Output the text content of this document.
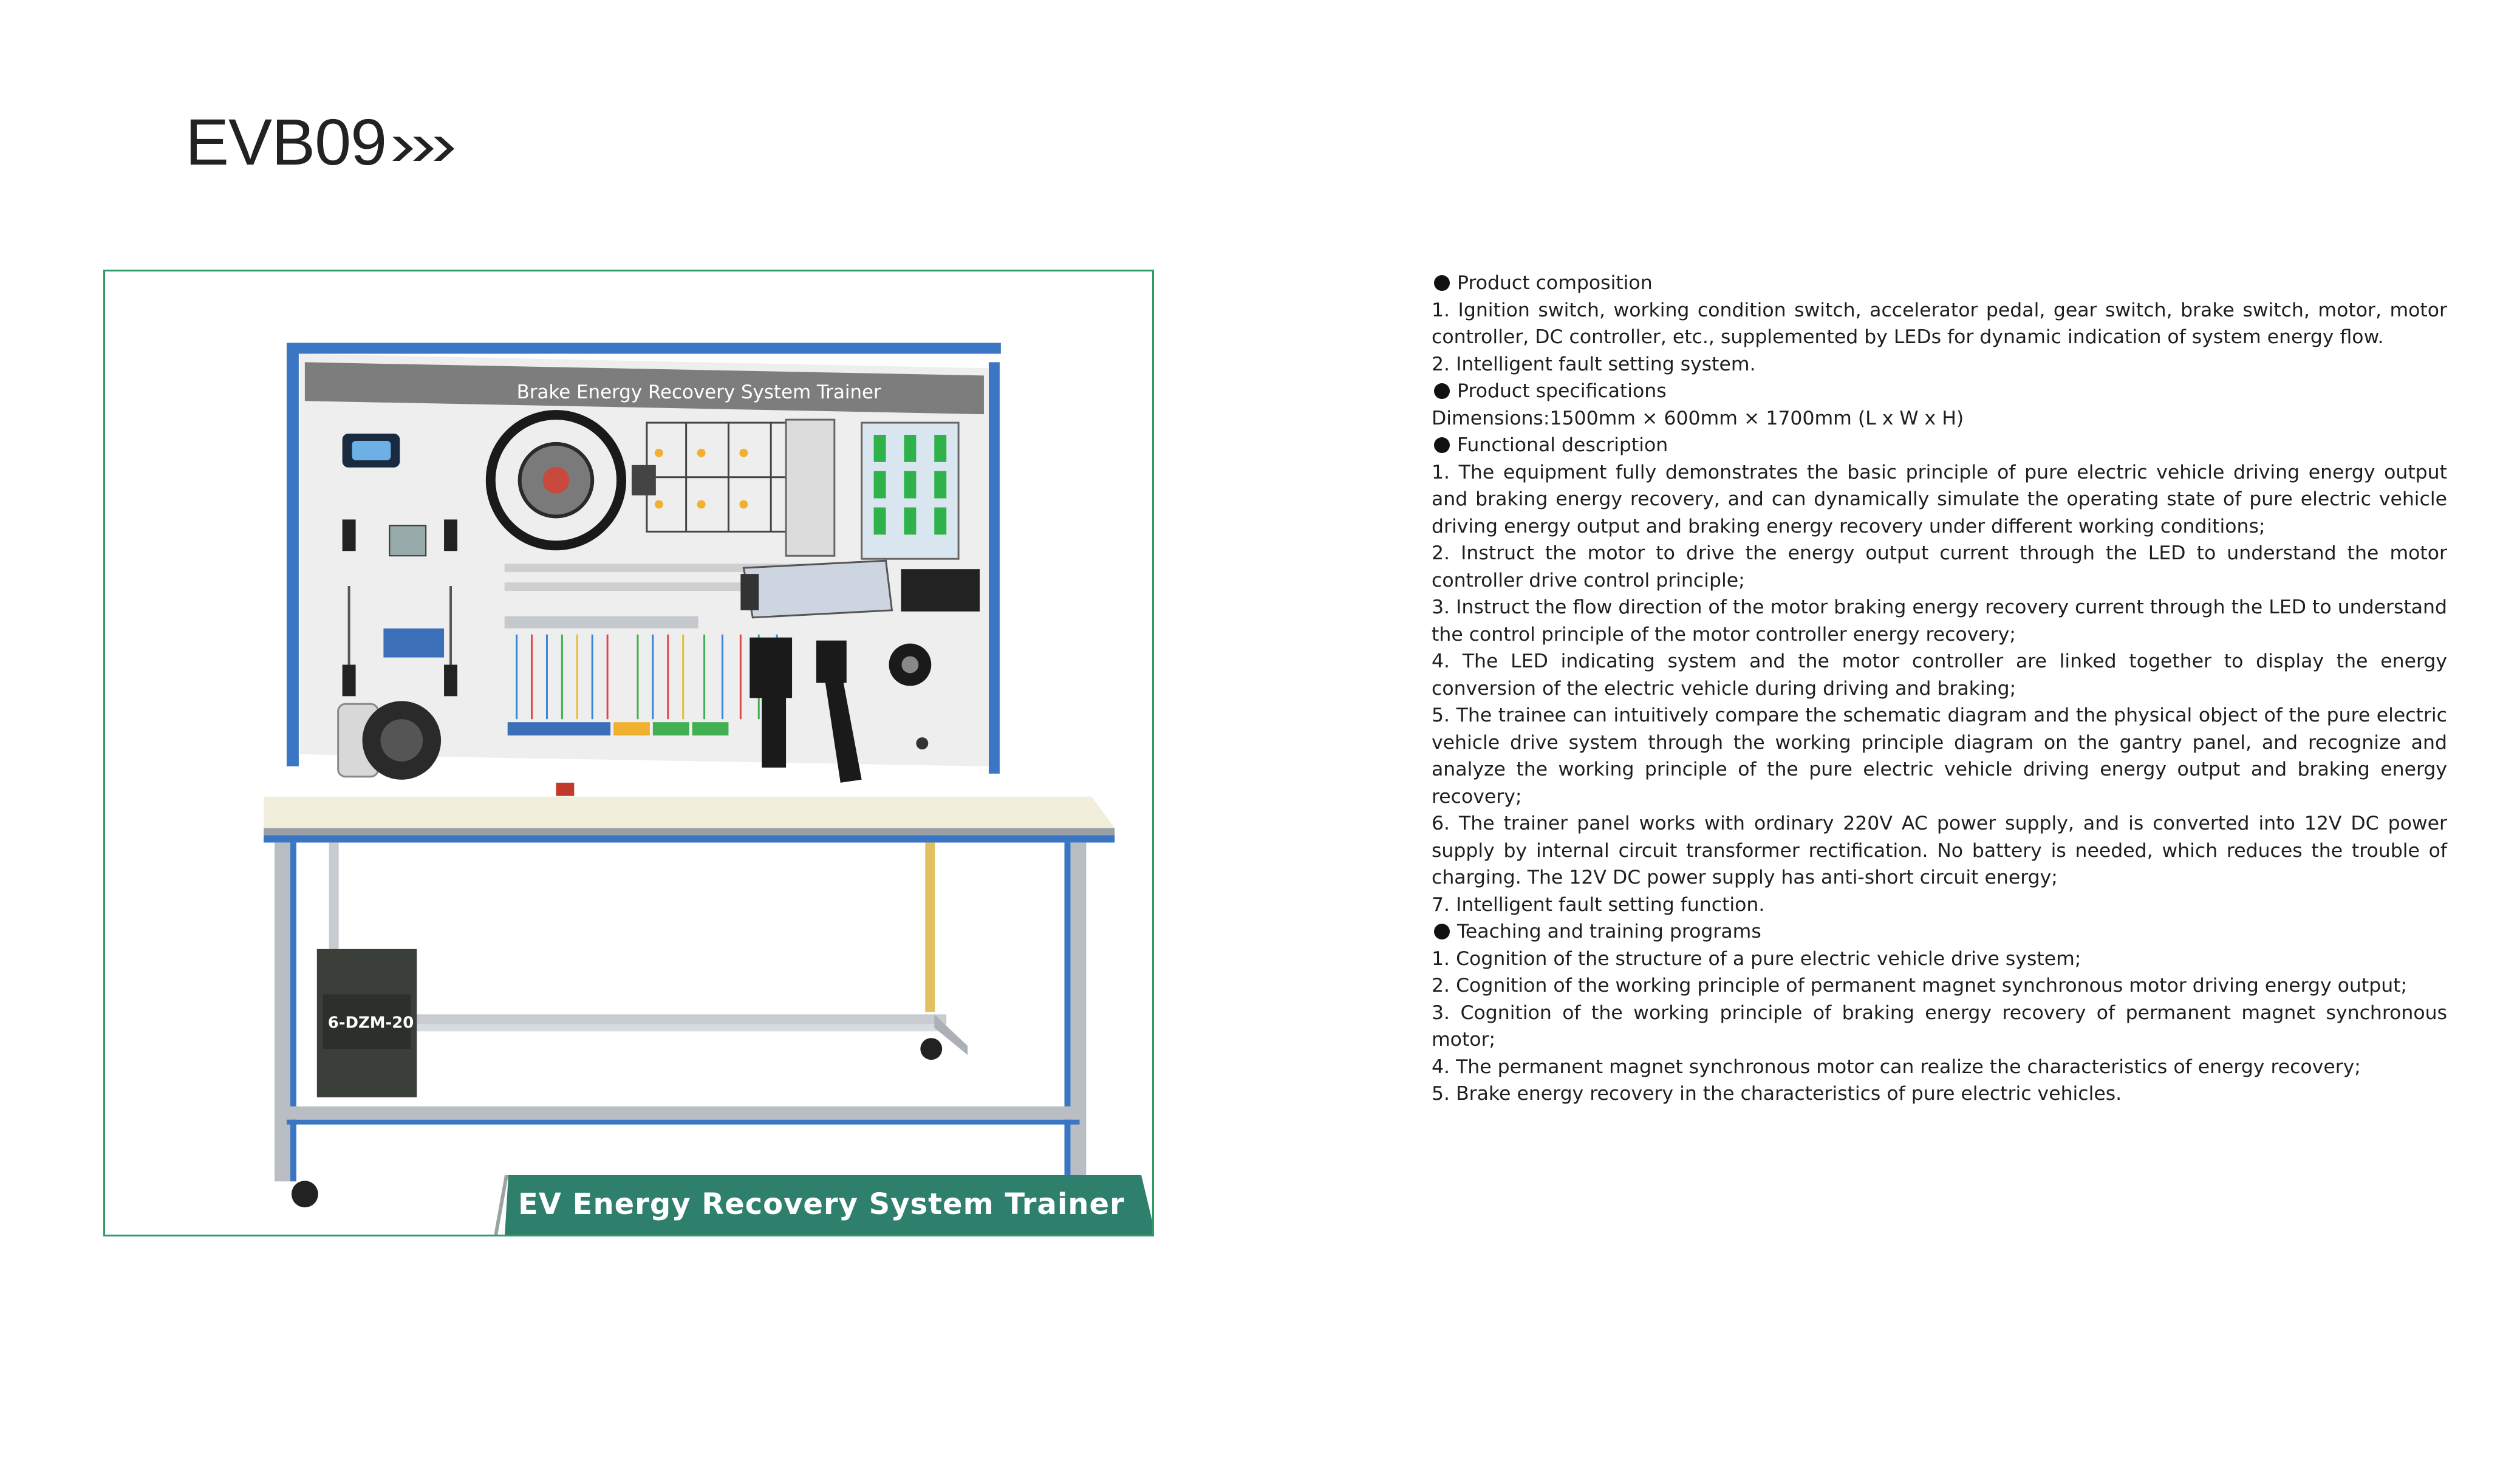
EVB09
Brake Energy Recovery System Trainer
6-DZM-20
EV Energy Recovery System Trainer
Product composition
1. Ignition switch, working condition switch, accelerator pedal, gear switch, brake switch, motor, motor controller, DC controller, etc., supplemented by LEDs for dynamic indication of system energy flow.
2. Intelligent fault setting system.
Product specifications
Dimensions:1500mm × 600mm × 1700mm (L x W x H)
Functional description
1. The equipment fully demonstrates the basic principle of pure electric vehicle driving energy output and braking energy recovery, and can dynamically simulate the operating state of pure electric vehicle driving energy output and braking energy recovery under different working conditions;
2. Instruct the motor to drive the energy output current through the LED to understand the motor controller drive control principle;
3. Instruct the flow direction of the motor braking energy recovery current through the LED to understand the control principle of the motor controller energy recovery;
4. The LED indicating system and the motor controller are linked together to display the energy conversion of the electric vehicle during driving and braking;
5. The trainee can intuitively compare the schematic diagram and the physical object of the pure electric vehicle drive system through the working principle diagram on the gantry panel, and recognize and analyze the working principle of the pure electric vehicle driving energy output and braking energy recovery;
6. The trainer panel works with ordinary 220V AC power supply, and is converted into 12V DC power supply by internal circuit transformer rectification. No battery is needed, which reduces the trouble of charging. The 12V DC power supply has anti-short circuit energy;
7. Intelligent fault setting function.
Teaching and training programs
1. Cognition of the structure of a pure electric vehicle drive system;
2. Cognition of the working principle of permanent magnet synchronous motor driving energy output;
3. Cognition of the working principle of braking energy recovery of permanent magnet synchronous motor;
4. The permanent magnet synchronous motor can realize the characteristics of energy recovery;
5. Brake energy recovery in the characteristics of pure electric vehicles.
